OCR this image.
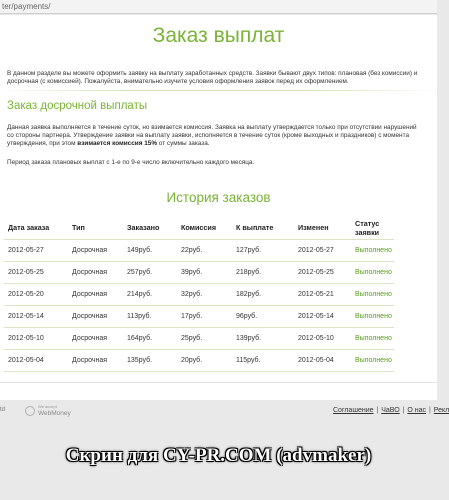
ter/payments/
Заказ выплат

В данном разделе вы можете оформить заявку на выплату заработанных средств. Заявки бывают двух типов: плановая (без комиссии) и досрочная (с комиссией). Пожалуйста, внимательно изучите условия оформления заявок перед их оформлением.

Заказ досрочной выплаты

Данная заявка выполняется в течение суток, но взимается комиссия. Заявка на выплату утверждается только при отсутствии нарушений со стороны партнера. Утверждение заявки на выплату заявки, исполняется в течение суток (кроме выходных и праздников) с момента утверждения, при этом взимается комиссия 15% от суммы заказа.

Период заказа плановых выплат с 1-е по 9-е число включительно каждого месяца.

История заказов
Дата заказа	Тип	Заказано	Комиссия	К выплате	Изменен	Статус заявки
2012-05-27	Досрочная	149руб.	22руб.	127руб.	2012-05-27	Выполнено
2012-05-25	Досрочная	257руб.	39руб.	218руб.	2012-05-25	Выполнено
2012-05-20	Досрочная	214руб.	32руб.	182руб.	2012-05-21	Выполнено
2012-05-14	Досрочная	113руб.	17руб.	96руб.	2012-05-14	Выполнено
2012-05-10	Досрочная	164руб.	25руб.	139руб.	2012-05-10	Выполнено
2012-05-04	Досрочная	135руб.	20руб.	115руб.	2012-05-04	Выполнено
td
We accept
WebMoney	Соглашение | ЧаВО | О нас | Рекл
Скрин для CY-PR.COM (advmaker)
